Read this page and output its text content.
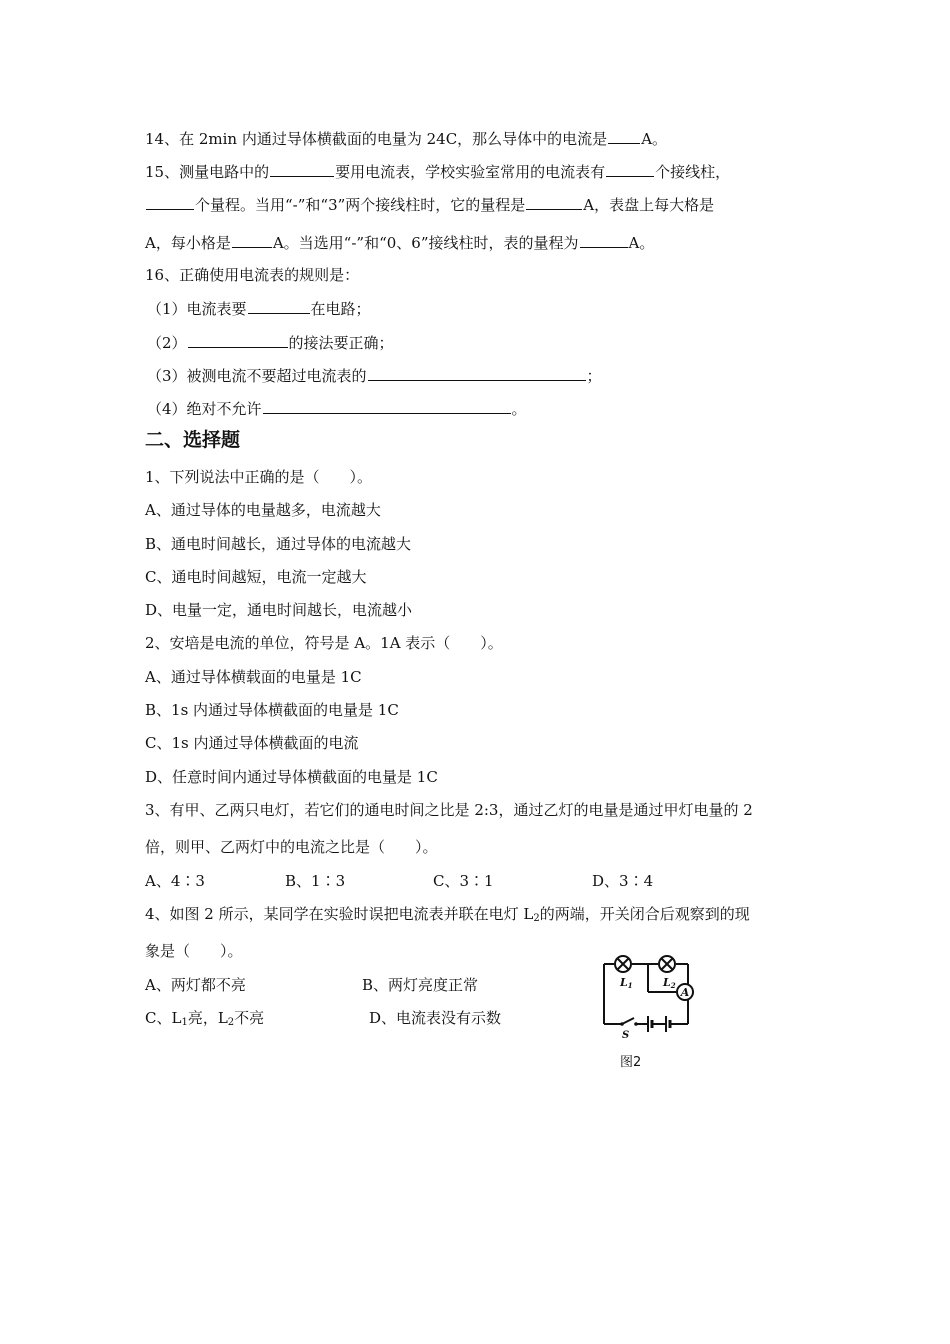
14、在 2min 内通过导体横截面的电量为 24C，那么导体中的电流是 A。
15、测量电路中的	要用电流表，学校实验室常用的电流表有	个接线柱，
个量程。当用“-”和“3”两个接线柱时，它的量程是	A，表盘上每大格是
A，每小格是	A。当选用“-”和“0、6”接线柱时，表的量程为	A。
16、正确使用电流表的规则是：
（1）电流表要	在电路；
（2）	的接法要正确；
（3）被测电流不要超过电流表的	；
（4）绝对不允许	。
二、选择题
1、下列说法中正确的是（　　）。
A、通过导体的电量越多，电流越大
B、通电时间越长，通过导体的电流越大
C、通电时间越短，电流一定越大
D、电量一定，通电时间越长，电流越小
2、安培是电流的单位，符号是 A。1A 表示（　　）。
A、通过导体横载面的电量是 1C
B、1s 内通过导体横截面的电量是 1C
C、1s 内通过导体横截面的电流
D、任意时间内通过导体横截面的电量是 1C
3、有甲、乙两只电灯，若它们的通电时间之比是 2:3，通过乙灯的电量是通过甲灯电量的 2
倍，则甲、乙两灯中的电流之比是（　　）。
A、4∶3	B、1∶3	C、3∶1	D、3∶4
4、如图 2 所示，某同学在实验时误把电流表并联在电灯 $L_2$的两端，开关闭合后观察到的现
象是（　　）。
A、两灯都不亮	B、两灯亮度正常
C、$L_1$亮，$L_2$不亮	D、电流表没有示数
A
L1	L2
S
图2
